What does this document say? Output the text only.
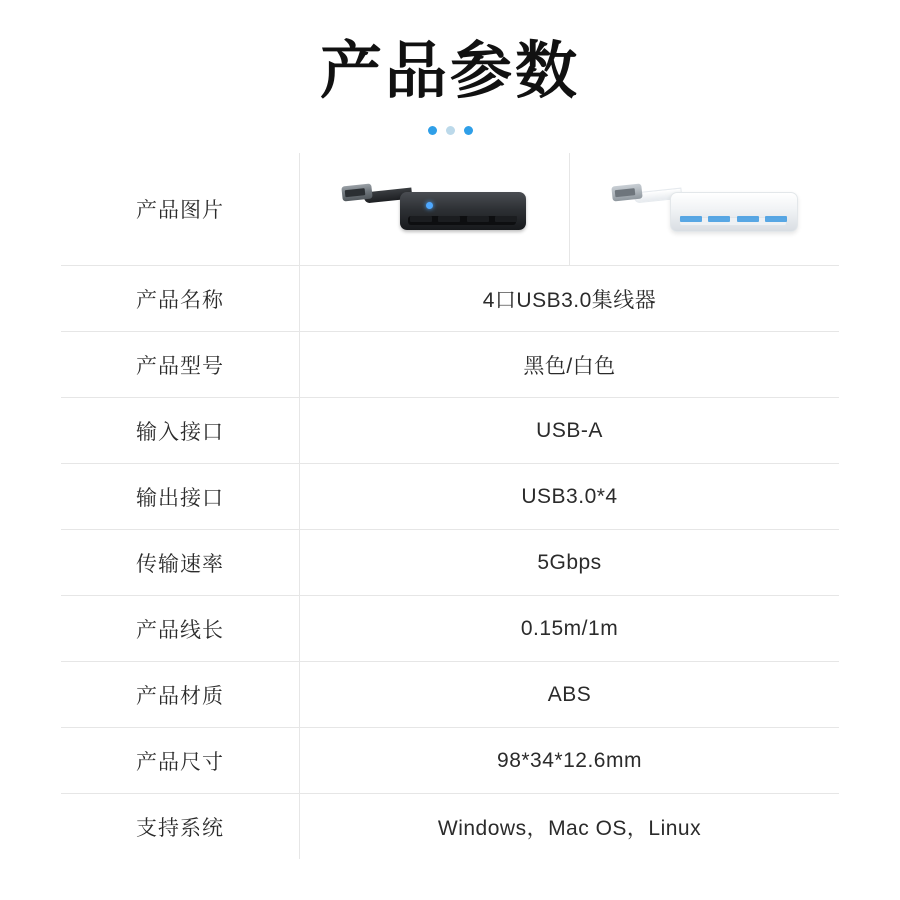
产品参数
产品图片	

产品名称	4口USB3.0集线器	
产品型号	黑色/白色	
输入接口	USB-A	
输出接口	USB3.0*4	
传输速率	5Gbps	
产品线长	0.15m/1m	
产品材质	ABS	
产品尺寸	98*34*12.6mm	
支持系统	Windows，Mac OS，Linux	
